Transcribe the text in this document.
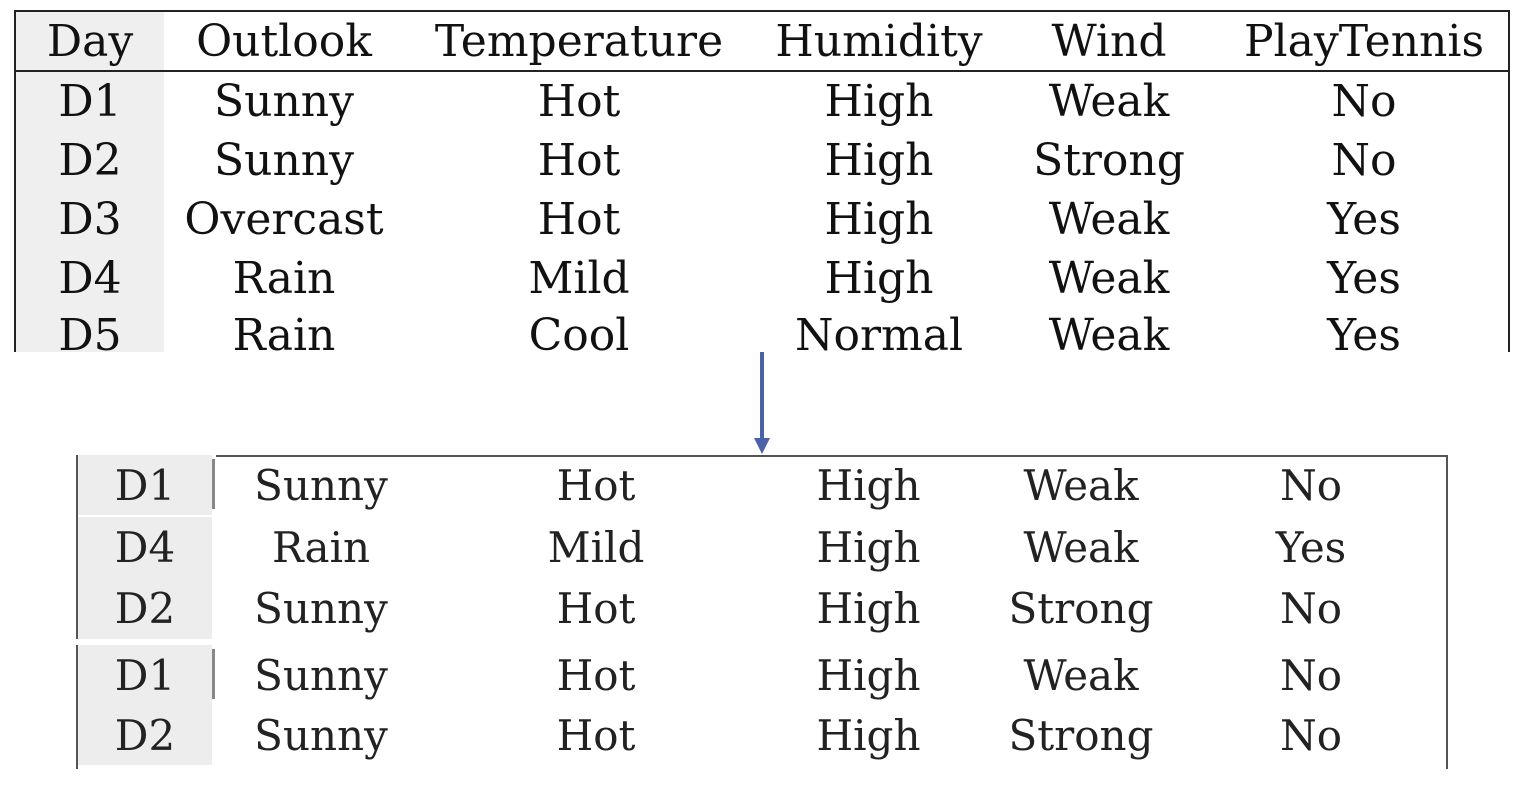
Day	Outlook	Temperature	Humidity	Wind	PlayTennis
D1	Sunny	Hot	High	Weak	No
D2	Sunny	Hot	High	Strong	No
D3	Overcast	Hot	High	Weak	Yes
D4	Rain	Mild	High	Weak	Yes
D5	Rain	Cool	Normal	Weak	Yes
D1	Sunny	Hot	High	Weak	No
D4	Rain	Mild	High	Weak	Yes
D2	Sunny	Hot	High	Strong	No
D1	Sunny	Hot	High	Weak	No
D2	Sunny	Hot	High	Strong	No
